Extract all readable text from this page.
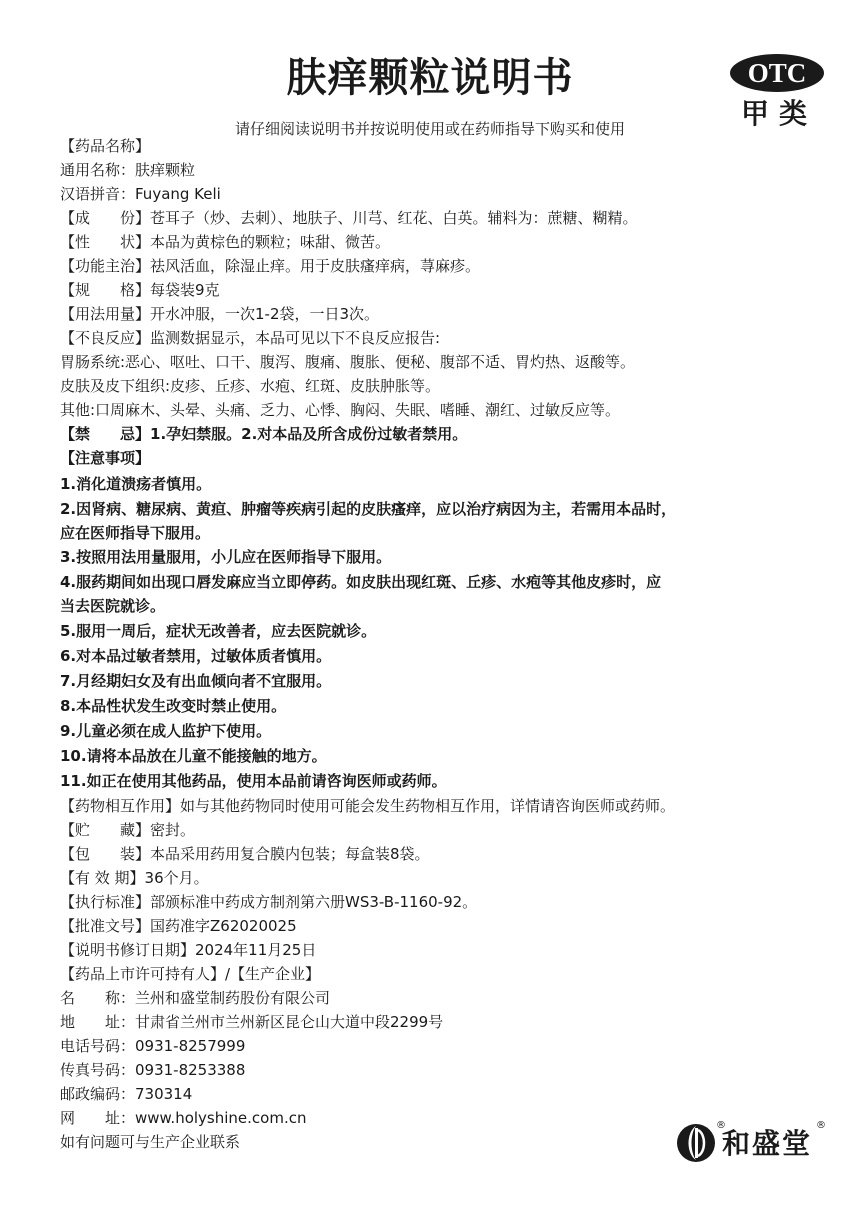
肤痒颗粒说明书	OTC
甲类
请仔细阅读说明书并按说明使用或在药师指导下购买和使用
【药品名称】
通用名称：肤痒颗粒
汉语拼音：Fuyang Keli
【成　　份】苍耳子（炒、去刺）、地肤子、川芎、红花、白英。辅料为：蔗糖、糊精。
【性　　状】本品为黄棕色的颗粒；味甜、微苦。
【功能主治】祛风活血，除湿止痒。用于皮肤瘙痒病，荨麻疹。
【规　　格】每袋装9克
【用法用量】开水冲服，一次1-2袋，一日3次。
【不良反应】监测数据显示，本品可见以下不良反应报告:
胃肠系统:恶心、呕吐、口干、腹泻、腹痛、腹胀、便秘、腹部不适、胃灼热、返酸等。
皮肤及皮下组织:皮疹、丘疹、水疱、红斑、皮肤肿胀等。
其他:口周麻木、头晕、头痛、乏力、心悸、胸闷、失眠、嗜睡、潮红、过敏反应等。
【禁　　忌】1.孕妇禁服。2.对本品及所含成份过敏者禁用。
【注意事项】
1.消化道溃疡者慎用。
2.因肾病、糖尿病、黄疸、肿瘤等疾病引起的皮肤瘙痒，应以治疗病因为主，若需用本品时，
应在医师指导下服用。
3.按照用法用量服用，小儿应在医师指导下服用。
4.服药期间如出现口唇发麻应当立即停药。如皮肤出现红斑、丘疹、水疱等其他皮疹时，应
当去医院就诊。
5.服用一周后，症状无改善者，应去医院就诊。
6.对本品过敏者禁用，过敏体质者慎用。
7.月经期妇女及有出血倾向者不宜服用。
8.本品性状发生改变时禁止使用。
9.儿童必须在成人监护下使用。
10.请将本品放在儿童不能接触的地方。
11.如正在使用其他药品，使用本品前请咨询医师或药师。
【药物相互作用】如与其他药物同时使用可能会发生药物相互作用，详情请咨询医师或药师。
【贮　　藏】密封。
【包　　装】本品采用药用复合膜内包装；每盒装8袋。
【有 效 期】36个月。
【执行标准】部颁标准中药成方制剂第六册WS3-B-1160-92。
【批准文号】国药准字Z62020025
【说明书修订日期】2024年11月25日
【药品上市许可持有人】/【生产企业】
名　　称：兰州和盛堂制药股份有限公司
地　　址：甘肃省兰州市兰州新区昆仑山大道中段2299号
电话号码：0931-8257999
传真号码：0931-8253388
邮政编码：730314
网　　址：www.holyshine.com.cn
如有问题可与生产企业联系
®
和盛堂
®
